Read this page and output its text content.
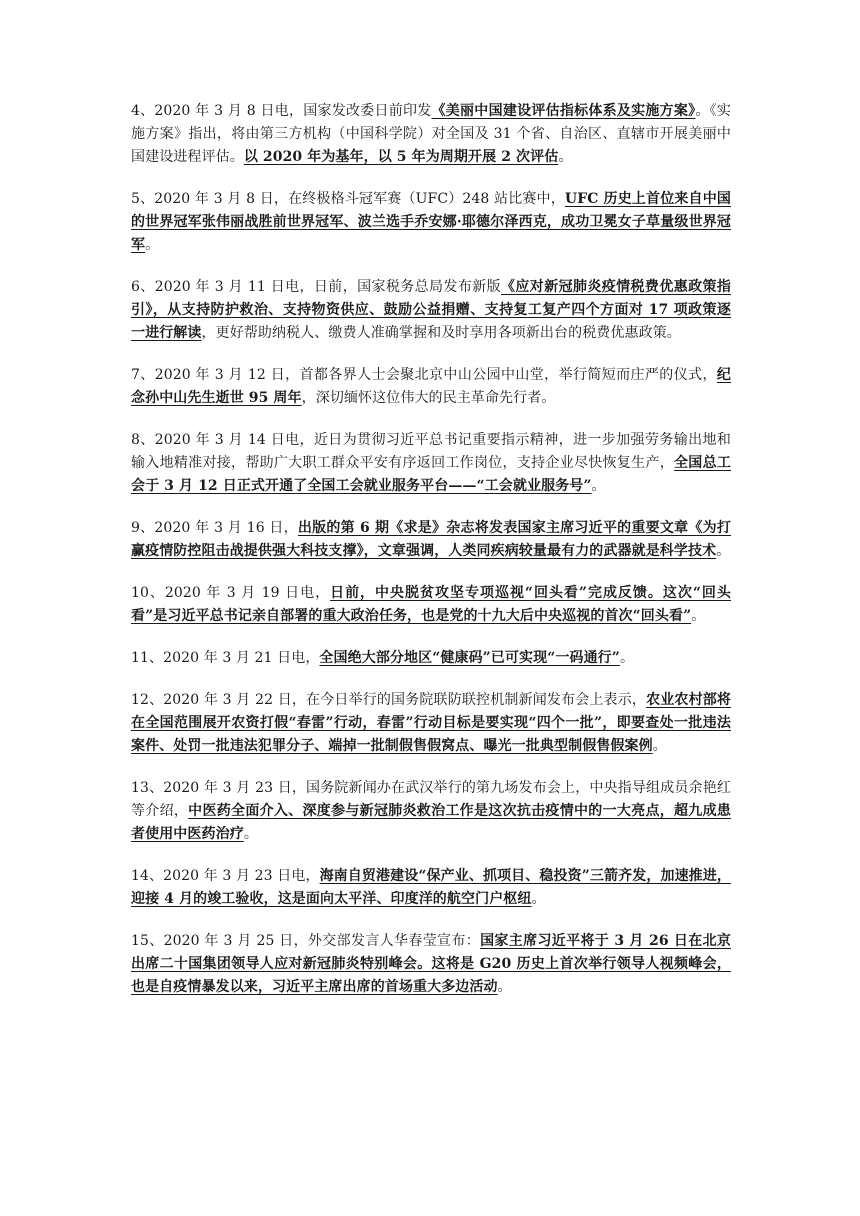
4、2020 年 3 月 8 日电，国家发改委日前印发《美丽中国建设评估指标体系及实施方案》。《实施方案》指出，将由第三方机构（中国科学院）对全国及 31 个省、自治区、直辖市开展美丽中国建设进程评估。以 2020 年为基年，以 5 年为周期开展 2 次评估。

5、2020 年 3 月 8 日，在终极格斗冠军赛（UFC）248 站比赛中，UFC 历史上首位来自中国的世界冠军张伟丽战胜前世界冠军、波兰选手乔安娜·耶德尔泽西克，成功卫冕女子草量级世界冠军。

6、2020 年 3 月 11 日电，日前，国家税务总局发布新版《应对新冠肺炎疫情税费优惠政策指引》，从支持防护救治、支持物资供应、鼓励公益捐赠、支持复工复产四个方面对 17 项政策逐一进行解读，更好帮助纳税人、缴费人准确掌握和及时享用各项新出台的税费优惠政策。

7、2020 年 3 月 12 日，首都各界人士会聚北京中山公园中山堂，举行简短而庄严的仪式，纪念孙中山先生逝世 95 周年，深切缅怀这位伟大的民主革命先行者。

8、2020 年 3 月 14 日电，近日为贯彻习近平总书记重要指示精神，进一步加强劳务输出地和输入地精准对接，帮助广大职工群众平安有序返回工作岗位，支持企业尽快恢复生产，全国总工会于 3 月 12 日正式开通了全国工会就业服务平台——“工会就业服务号”。

9、2020 年 3 月 16 日，出版的第 6 期《求是》杂志将发表国家主席习近平的重要文章《为打赢疫情防控阻击战提供强大科技支撑》，文章强调，人类同疾病较量最有力的武器就是科学技术。

10、2020 年 3 月 19 日电，日前，中央脱贫攻坚专项巡视“回头看”完成反馈。这次“回头看”是习近平总书记亲自部署的重大政治任务，也是党的十九大后中央巡视的首次“回头看”。

11、2020 年 3 月 21 日电，全国绝大部分地区“健康码”已可实现“一码通行”。

12、2020 年 3 月 22 日，在今日举行的国务院联防联控机制新闻发布会上表示，农业农村部将在全国范围展开农资打假“春雷”行动，春雷”行动目标是要实现“四个一批”，即要查处一批违法案件、处罚一批违法犯罪分子、端掉一批制假售假窝点、曝光一批典型制假售假案例。

13、2020 年 3 月 23 日，国务院新闻办在武汉举行的第九场发布会上，中央指导组成员余艳红等介绍，中医药全面介入、深度参与新冠肺炎救治工作是这次抗击疫情中的一大亮点，超九成患者使用中医药治疗。

14、2020 年 3 月 23 日电，海南自贸港建设“保产业、抓项目、稳投资”三箭齐发，加速推进，迎接 4 月的竣工验收，这是面向太平洋、印度洋的航空门户枢纽。

15、2020 年 3 月 25 日，外交部发言人华春莹宣布：国家主席习近平将于 3 月 26 日在北京出席二十国集团领导人应对新冠肺炎特别峰会。这将是 G20 历史上首次举行领导人视频峰会，也是自疫情暴发以来，习近平主席出席的首场重大多边活动。
